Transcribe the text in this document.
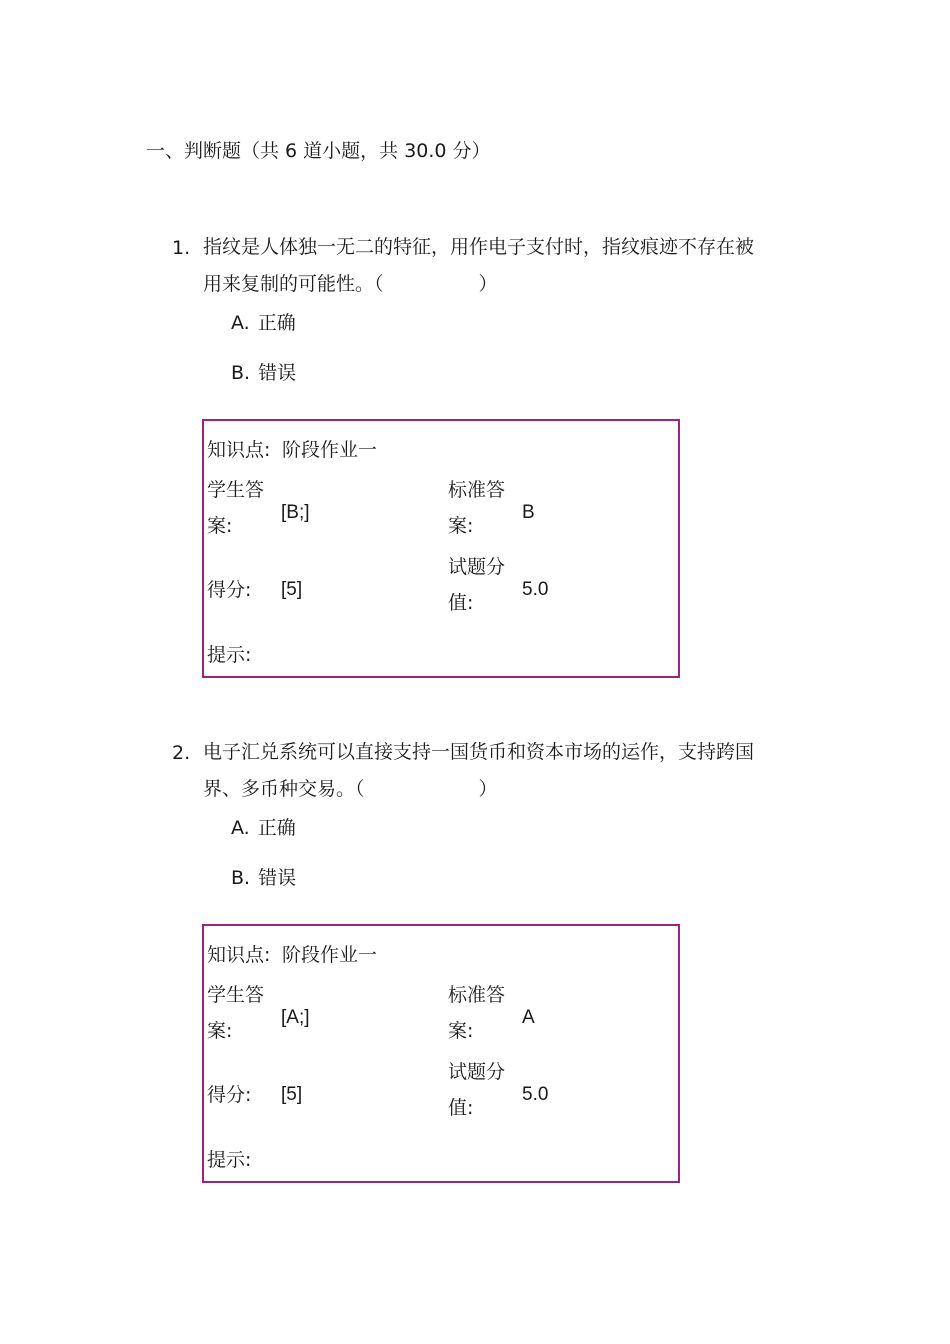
一、判断题（共 6 道小题，共 30.0 分）
1. 指纹是人体独一无二的特征，用作电子支付时，指纹痕迹不存在被
用来复制的可能性。（　　　　　）
A. 正确
B. 错误
知识点: 阶段作业一
学生答
案:
[B;]
标准答
案:
B
得分: [5]
试题分
值:
5.0
提示:
2. 电子汇兑系统可以直接支持一国货币和资本市场的运作，支持跨国
界、多币种交易。（　　　　　　）
A. 正确
B. 错误
知识点: 阶段作业一
学生答
案:
[A;]
标准答
案:
A
得分: [5]
试题分
值:
5.0
提示:
